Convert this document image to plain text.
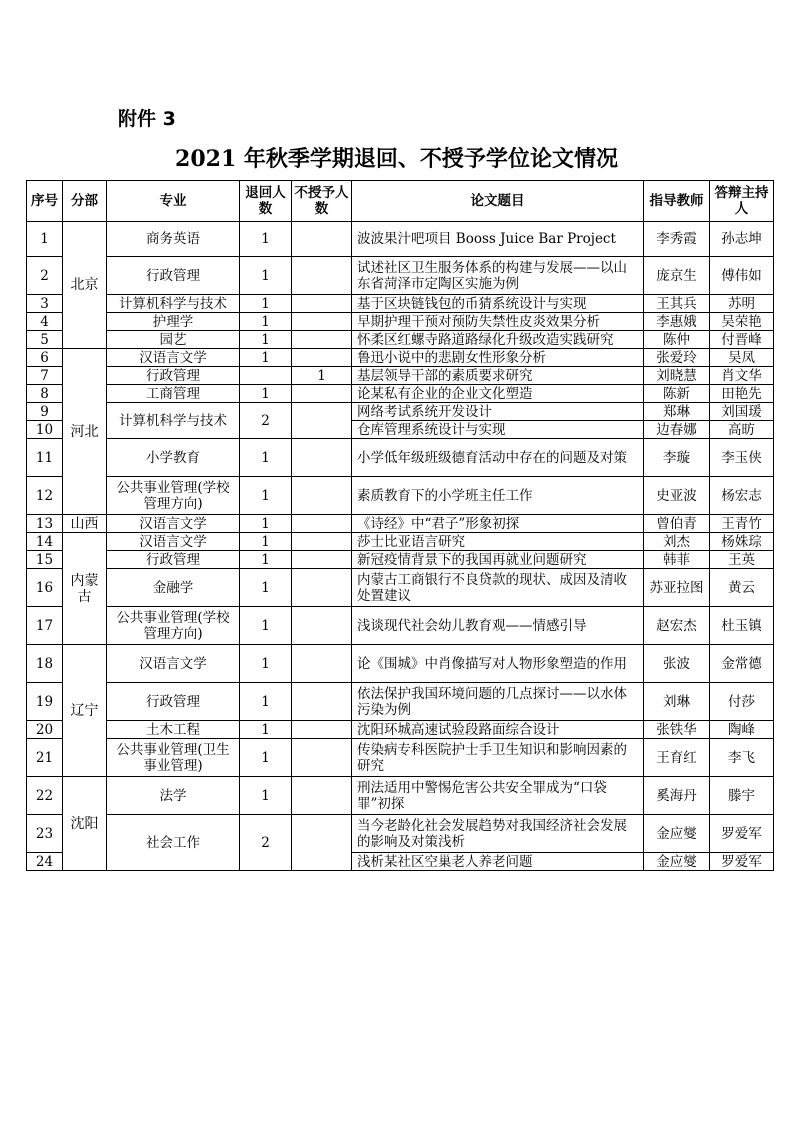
附件 3
2021 年秋季学期退回、不授予学位论文情况
序号	分部	专业	退回人数	不授予人数	论文题目	指导教师	答辩主持人
1	北京	商务英语	1		波波果汁吧项目 Booss Juice Bar Project	李秀霞	孙志坤
2		行政管理	1		试述社区卫生服务体系的构建与发展——以山东省菏泽市定陶区实施为例	庞京生	傅伟如
3		计算机科学与技术	1		基于区块链钱包的币猜系统设计与实现	王其兵	苏明
4		护理学	1		早期护理干预对预防失禁性皮炎效果分析	李惠娥	吴荣艳
5		园艺	1		怀柔区红螺寺路道路绿化升级改造实践研究	陈仲	付晋峰
6	河北	汉语言文学	1		鲁迅小说中的悲剧女性形象分析	张爱玲	吴凤
7		行政管理		1	基层领导干部的素质要求研究	刘晓慧	肖文华
8		工商管理	1		论某私有企业的企业文化塑造	陈新	田艳先
9		计算机科学与技术	2		网络考试系统开发设计	郑琳	刘国瑗
10					仓库管理系统设计与实现	边春娜	高昉
11		小学教育	1		小学低年级班级德育活动中存在的问题及对策	李璇	李玉侠
12		公共事业管理(学校管理方向)	1		素质教育下的小学班主任工作	史亚波	杨宏志
13	山西	汉语言文学	1		《诗经》中“君子”形象初探	曾伯青	王青竹
14	内蒙古	汉语言文学	1		莎士比亚语言研究	刘杰	杨姝琮
15		行政管理	1		新冠疫情背景下的我国再就业问题研究	韩菲	王英
16		金融学	1		内蒙古工商银行不良贷款的现状、成因及清收处置建议	苏亚拉图	黄云
17		公共事业管理(学校管理方向)	1		浅谈现代社会幼儿教育观——情感引导	赵宏杰	杜玉镇
18	辽宁	汉语言文学	1		论《围城》中肖像描写对人物形象塑造的作用	张波	金常德
19		行政管理	1		依法保护我国环境问题的几点探讨——以水体污染为例	刘琳	付莎
20		土木工程	1		沈阳环城高速试验段路面综合设计	张铁华	陶峰
21		公共事业管理(卫生事业管理)	1		传染病专科医院护士手卫生知识和影响因素的研究	王育红	李飞
22	沈阳	法学	1		刑法适用中警惕危害公共安全罪成为“口袋罪”初探	奚海丹	滕宇
23		社会工作	2		当今老龄化社会发展趋势对我国经济社会发展的影响及对策浅析	金应燮	罗爱军
24					浅析某社区空巢老人养老问题	金应燮	罗爱军
